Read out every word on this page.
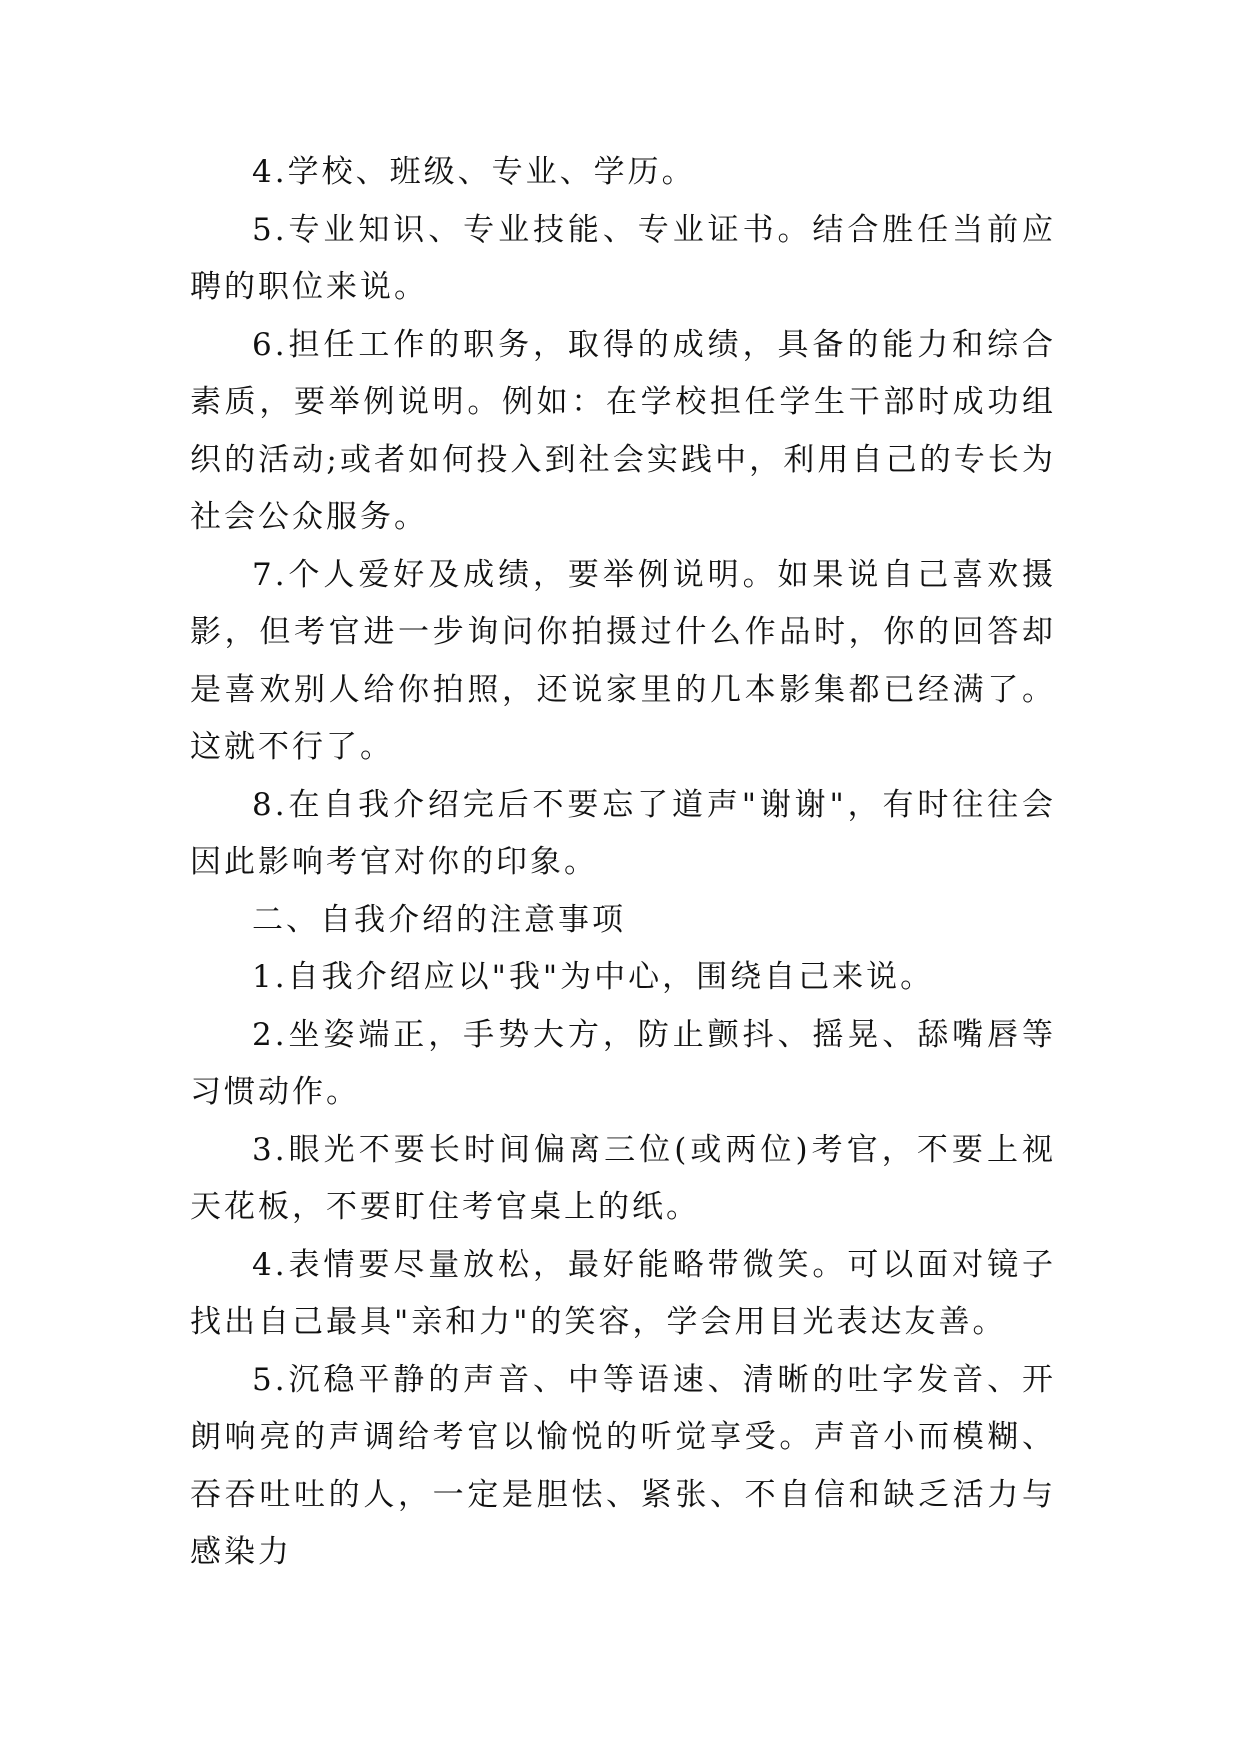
4.学校、班级、专业、学历。

5.专业知识、专业技能、专业证书。结合胜任当前应聘的职位来说。

6.担任工作的职务，取得的成绩，具备的能力和综合素质，要举例说明。例如：在学校担任学生干部时成功组织的活动;或者如何投入到社会实践中，利用自己的专长为社会公众服务。

7.个人爱好及成绩，要举例说明。如果说自己喜欢摄影，但考官进一步询问你拍摄过什么作品时，你的回答却是喜欢别人给你拍照，还说家里的几本影集都已经满了。这就不行了。

8.在自我介绍完后不要忘了道声"谢谢"，有时往往会因此影响考官对你的印象。

二、自我介绍的注意事项

1.自我介绍应以"我"为中心，围绕自己来说。

2.坐姿端正，手势大方，防止颤抖、摇晃、舔嘴唇等习惯动作。

3.眼光不要长时间偏离三位(或两位)考官，不要上视天花板，不要盯住考官桌上的纸。

4.表情要尽量放松，最好能略带微笑。可以面对镜子找出自己最具"亲和力"的笑容，学会用目光表达友善。

5.沉稳平静的声音、中等语速、清晰的吐字发音、开朗响亮的声调给考官以愉悦的听觉享受。声音小而模糊、吞吞吐吐的人，一定是胆怯、紧张、不自信和缺乏活力与感染力
